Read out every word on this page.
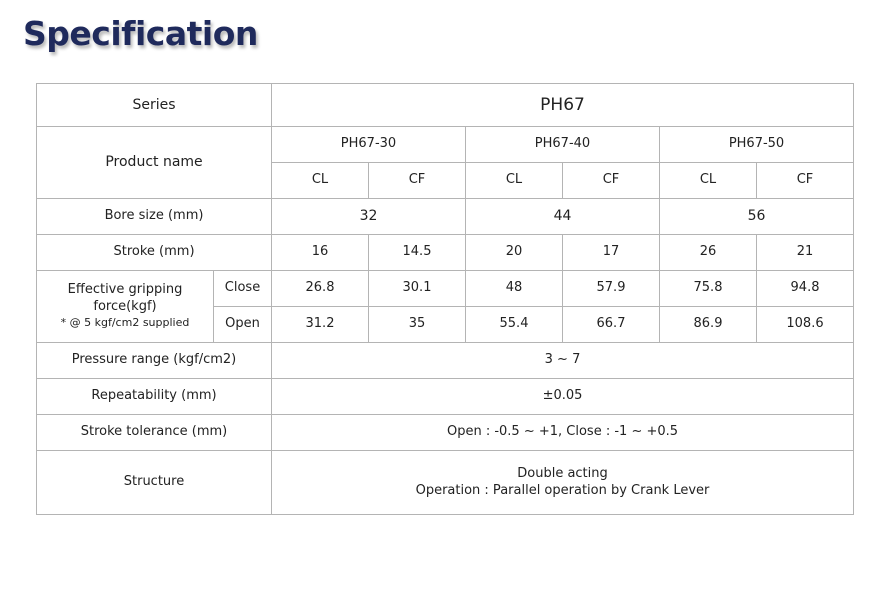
Specification
Series		PH67					
Product name		PH67-30		PH67-40		PH67-50	
		CL	CF	CL	CF	CL	CF
Bore size (mm)		32		44		56	
Stroke (mm)		16	14.5	20	17	26	21
Effective gripping force(kgf)
* @ 5 kgf/cm2 supplied	Close	26.8	30.1	48	57.9	75.8	94.8
	Open	31.2	35	55.4	66.7	86.9	108.6
Pressure range (kgf/cm2)		3 ~ 7					
Repeatability (mm)		±0.05					
Stroke tolerance (mm)		Open : -0.5 ~ +1, Close : -1 ~ +0.5					
Structure		Double acting
Operation : Parallel operation by Crank Lever					
